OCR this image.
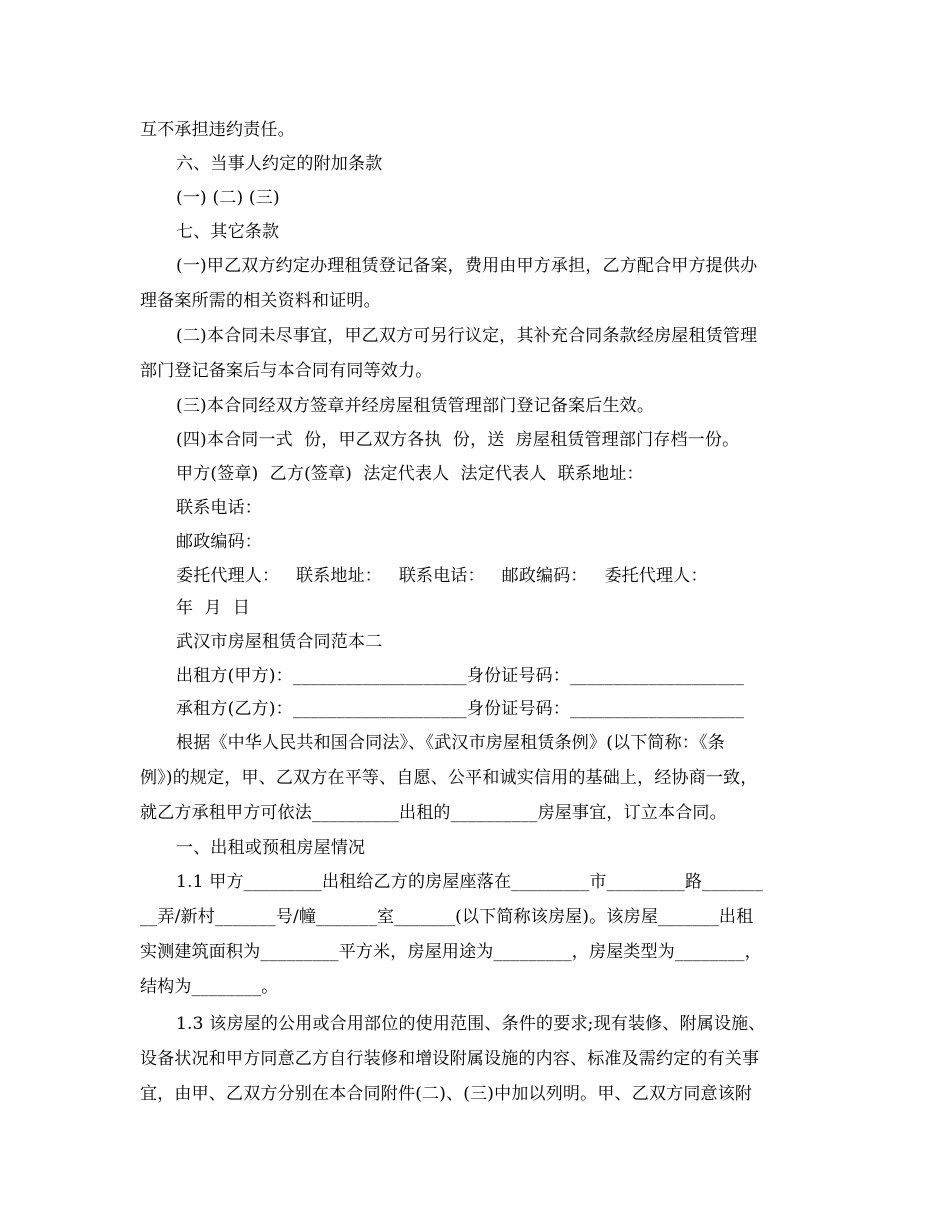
互不承担违约责任。
六、当事人约定的附加条款
(一) (二) (三)
七、其它条款
(一)甲乙双方约定办理租赁登记备案，费用由甲方承担，乙方配合甲方提供办
理备案所需的相关资料和证明。
(二)本合同未尽事宜，甲乙双方可另行议定，其补充合同条款经房屋租赁管理
部门登记备案后与本合同有同等效力。
(三)本合同经双方签章并经房屋租赁管理部门登记备案后生效。
(四)本合同一式  份，甲乙双方各执  份，送  房屋租赁管理部门存档一份。
甲方(签章)  乙方(签章)  法定代表人  法定代表人  联系地址：
联系电话：
邮政编码：
委托代理人：   联系地址：   联系电话：   邮政编码：   委托代理人：
年  月  日
武汉市房屋租赁合同范本二
出租方(甲方)：____________________身份证号码：____________________
承租方(乙方)：____________________身份证号码：____________________
根据《中华人民共和国合同法》、《武汉市房屋租赁条例》(以下简称：《条
例》)的规定，甲、乙双方在平等、自愿、公平和诚实信用的基础上，经协商一致，
就乙方承租甲方可依法__________出租的__________房屋事宜，订立本合同。
一、出租或预租房屋情况
1.1 甲方_________出租给乙方的房屋座落在_________市_________路_______
__弄/新村_______号/幢_______室_______(以下简称该房屋)。该房屋_______出租
实测建筑面积为_________平方米，房屋用途为_________，房屋类型为________，
结构为________。
1.3 该房屋的公用或合用部位的使用范围、条件的要求;现有装修、附属设施、
设备状况和甲方同意乙方自行装修和增设附属设施的内容、标准及需约定的有关事
宜，由甲、乙双方分别在本合同附件(二)、(三)中加以列明。甲、乙双方同意该附
